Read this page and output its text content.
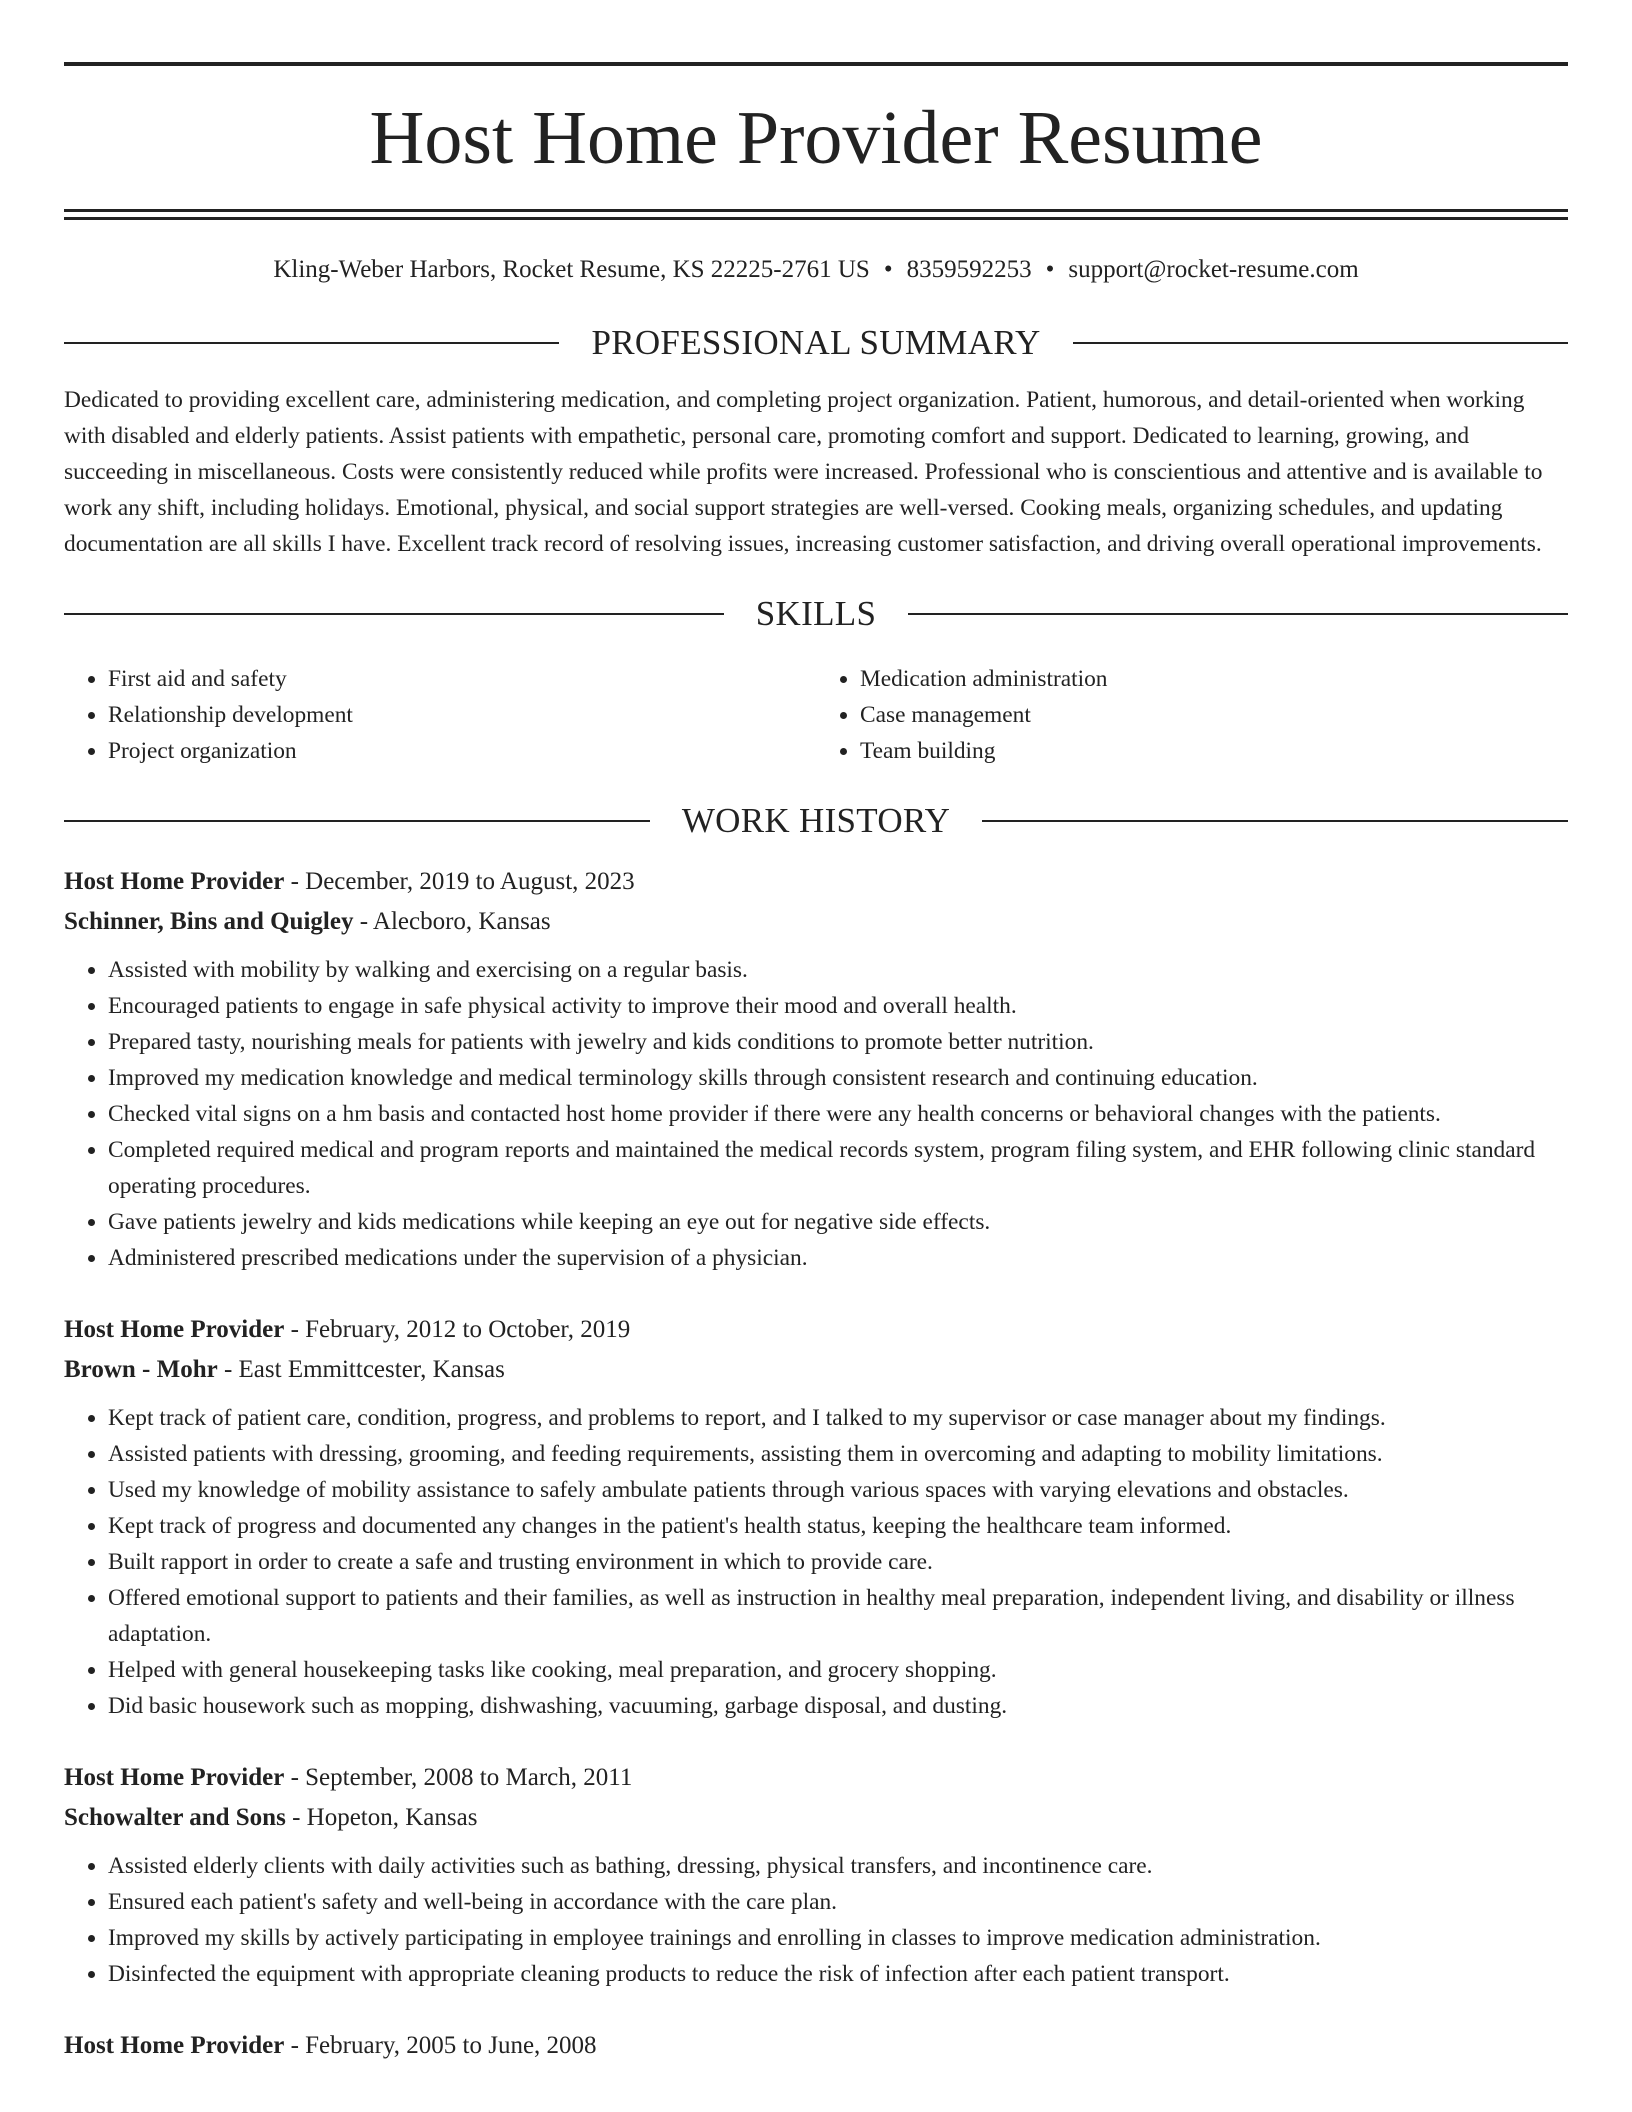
Host Home Provider Resume
Kling-Weber Harbors, Rocket Resume, KS 22225-2761 US • 8359592253 • support@rocket-resume.com
PROFESSIONAL SUMMARY

Dedicated to providing excellent care, administering medication, and completing project organization. Patient, humorous, and detail-oriented when working with disabled and elderly patients. Assist patients with empathetic, personal care, promoting comfort and support. Dedicated to learning, growing, and succeeding in miscellaneous. Costs were consistently reduced while profits were increased. Professional who is conscientious and attentive and is available to work any shift, including holidays. Emotional, physical, and social support strategies are well-versed. Cooking meals, organizing schedules, and updating documentation are all skills I have. Excellent track record of resolving issues, increasing customer satisfaction, and driving overall operational improvements.

SKILLS
• First aid and safety
• Relationship development
• Project organization
• Medication administration
• Case management
• Team building
WORK HISTORY
Host Home Provider - December, 2019 to August, 2023
Schinner, Bins and Quigley - Alecboro, Kansas
• Assisted with mobility by walking and exercising on a regular basis.
• Encouraged patients to engage in safe physical activity to improve their mood and overall health.
• Prepared tasty, nourishing meals for patients with jewelry and kids conditions to promote better nutrition.
• Improved my medication knowledge and medical terminology skills through consistent research and continuing education.
• Checked vital signs on a hm basis and contacted host home provider if there were any health concerns or behavioral changes with the patients.
• Completed required medical and program reports and maintained the medical records system, program filing system, and EHR following clinic standard operating procedures.
• Gave patients jewelry and kids medications while keeping an eye out for negative side effects.
• Administered prescribed medications under the supervision of a physician.
Host Home Provider - February, 2012 to October, 2019
Brown - Mohr - East Emmittcester, Kansas
• Kept track of patient care, condition, progress, and problems to report, and I talked to my supervisor or case manager about my findings.
• Assisted patients with dressing, grooming, and feeding requirements, assisting them in overcoming and adapting to mobility limitations.
• Used my knowledge of mobility assistance to safely ambulate patients through various spaces with varying elevations and obstacles.
• Kept track of progress and documented any changes in the patient's health status, keeping the healthcare team informed.
• Built rapport in order to create a safe and trusting environment in which to provide care.
• Offered emotional support to patients and their families, as well as instruction in healthy meal preparation, independent living, and disability or illness adaptation.
• Helped with general housekeeping tasks like cooking, meal preparation, and grocery shopping.
• Did basic housework such as mopping, dishwashing, vacuuming, garbage disposal, and dusting.
Host Home Provider - September, 2008 to March, 2011
Schowalter and Sons - Hopeton, Kansas
• Assisted elderly clients with daily activities such as bathing, dressing, physical transfers, and incontinence care.
• Ensured each patient's safety and well-being in accordance with the care plan.
• Improved my skills by actively participating in employee trainings and enrolling in classes to improve medication administration.
• Disinfected the equipment with appropriate cleaning products to reduce the risk of infection after each patient transport.
Host Home Provider - February, 2005 to June, 2008
